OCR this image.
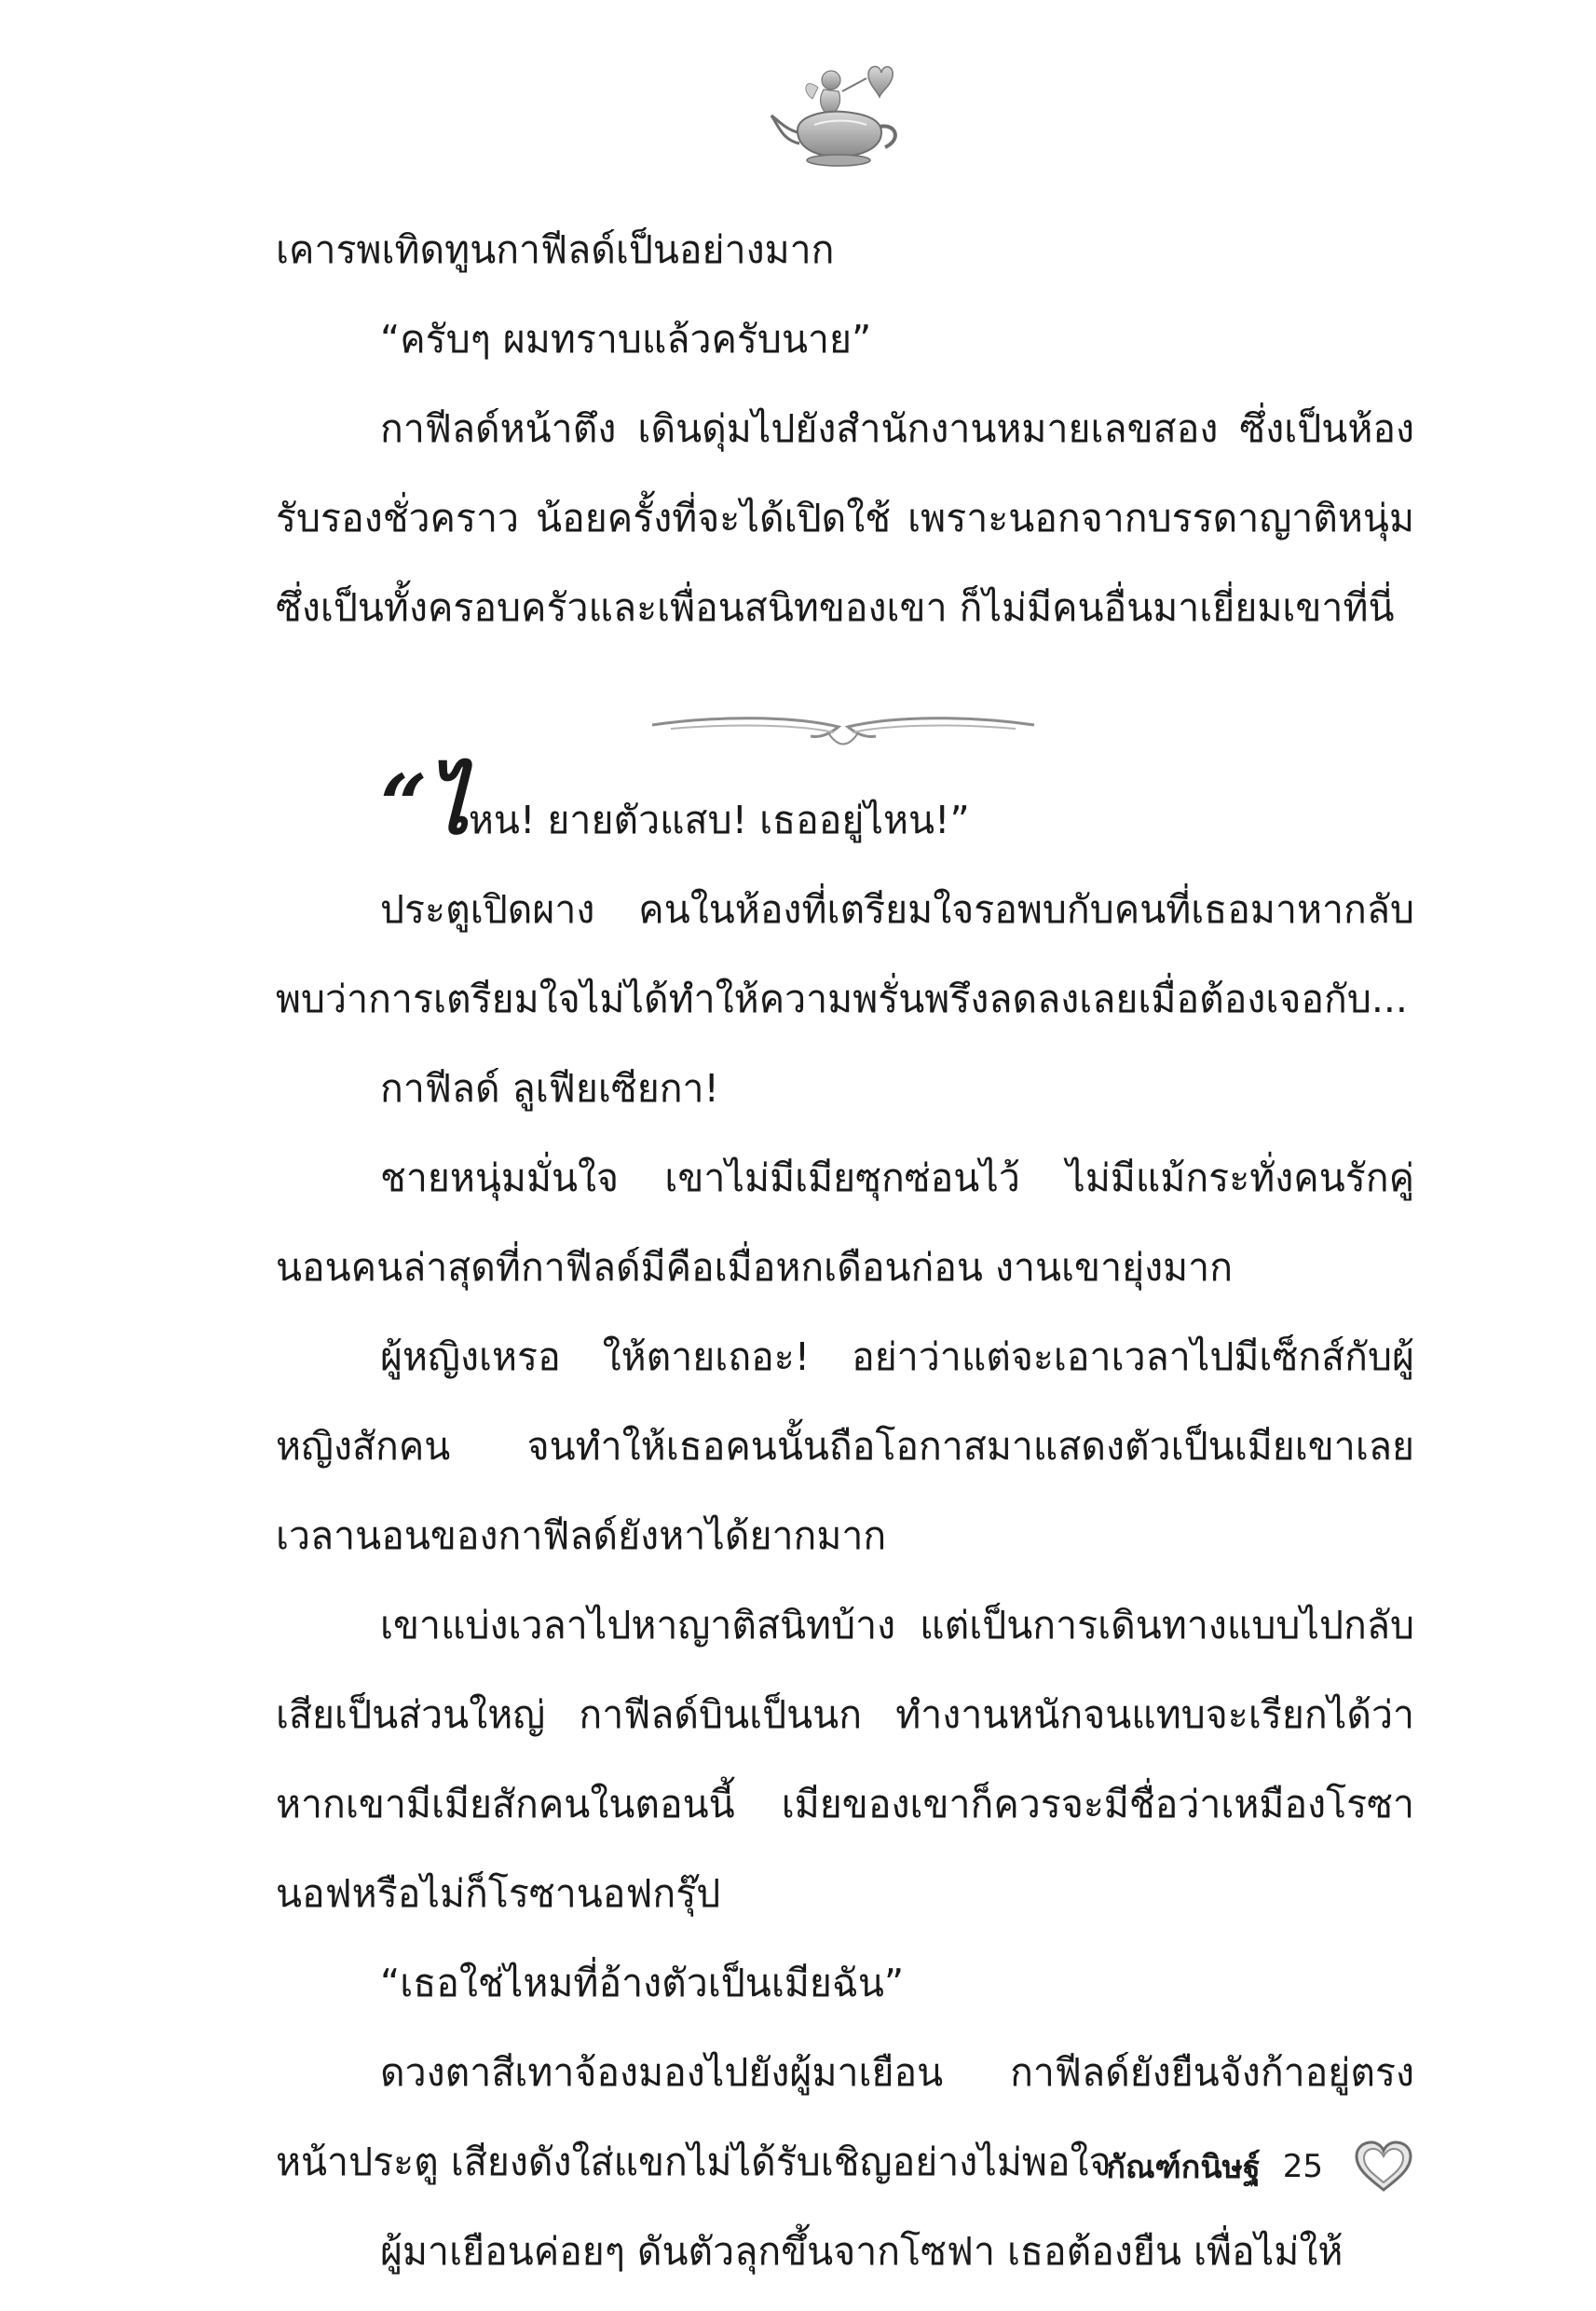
เคารพเทิดทูนกาฟีลด์เป็นอย่างมาก

“ครับๆ ผมทราบแล้วครับนาย”

กาฟีลด์หน้าตึง เดินดุ่มไปยังสำนักงานหมายเลขสอง ซึ่งเป็นห้องรับรองชั่วคราว น้อยครั้งที่จะได้เปิดใช้ เพราะนอกจากบรรดาญาติหนุ่มซึ่งเป็นทั้งครอบครัวและเพื่อนสนิทของเขา ก็ไม่มีคนอื่นมาเยี่ยมเขาที่นี่

“ไหน! ยายตัวแสบ! เธออยู่ไหน!”

ประตูเปิดผาง คนในห้องที่เตรียมใจรอพบกับคนที่เธอมาหากลับพบว่าการเตรียมใจไม่ได้ทำให้ความพรั่นพรึงลดลงเลยเมื่อต้องเจอกับ...

กาฟีลด์ ลูเฟียเซียกา!

ชายหนุ่มมั่นใจ เขาไม่มีเมียซุกซ่อนไว้ ไม่มีแม้กระทั่งคนรักคู่นอนคนล่าสุดที่กาฟีลด์มีคือเมื่อหกเดือนก่อน งานเขายุ่งมาก

ผู้หญิงเหรอ ให้ตายเถอะ! อย่าว่าแต่จะเอาเวลาไปมีเซ็กส์กับผู้หญิงสักคน จนทำให้เธอคนนั้นถือโอกาสมาแสดงตัวเป็นเมียเขาเลยเวลานอนของกาฟีลด์ยังหาได้ยากมาก

เขาแบ่งเวลาไปหาญาติสนิทบ้าง แต่เป็นการเดินทางแบบไปกลับเสียเป็นส่วนใหญ่ กาฟีลด์บินเป็นนก ทำงานหนักจนแทบจะเรียกได้ว่าหากเขามีเมียสักคนในตอนนี้ เมียของเขาก็ควรจะมีชื่อว่าเหมืองโรซานอฟหรือไม่ก็โรซานอฟกรุ๊ป

“เธอใช่ไหมที่อ้างตัวเป็นเมียฉัน”

ดวงตาสีเทาจ้องมองไปยังผู้มาเยือน กาฟีลด์ยังยืนจังก้าอยู่ตรงหน้าประตู เสียงดังใส่แขกไม่ได้รับเชิญอย่างไม่พอใจ

ผู้มาเยือนค่อยๆ ดันตัวลุกขึ้นจากโซฟา เธอต้องยืน เพื่อไม่ให้

กัณฑ์กนิษฐ์ 25
